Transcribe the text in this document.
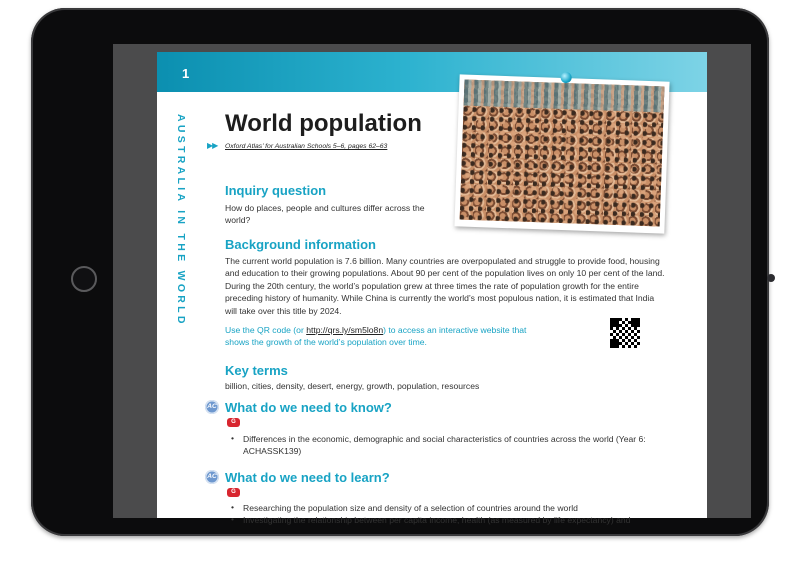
1
AUSTRALIA IN THE WORLD World population
▶▶ Oxford Atlas’ for Australian Schools 5–6, pages 62–63
Inquiry question

How do places, people and cultures differ across the world?

Background information

The current world population is 7.6 billion. Many countries are overpopulated and struggle to provide food, housing and education to their growing populations. About 90 per cent of the population lives on only 10 per cent of the land. During the 20th century, the world’s population grew at three times the rate of population growth for the entire preceding history of humanity. While China is currently the world’s most populous nation, it is estimated that India will take over this title by 2024.

Use the QR code (or http://qrs.ly/sm5lo8n) to access an interactive website that shows the growth of the world’s population over time.

Key terms

billion, cities, density, desert, energy, growth, population, resources

AC What do we need to know?
G
• Differences in the economic, demographic and social characteristics of countries across the world (Year 6: ACHASSK139)

AC What do we need to learn?
G
• Researching the population size and density of a selection of countries around the world

• Investigating the relationship between per capita income, health (as measured by life expectancy) and
